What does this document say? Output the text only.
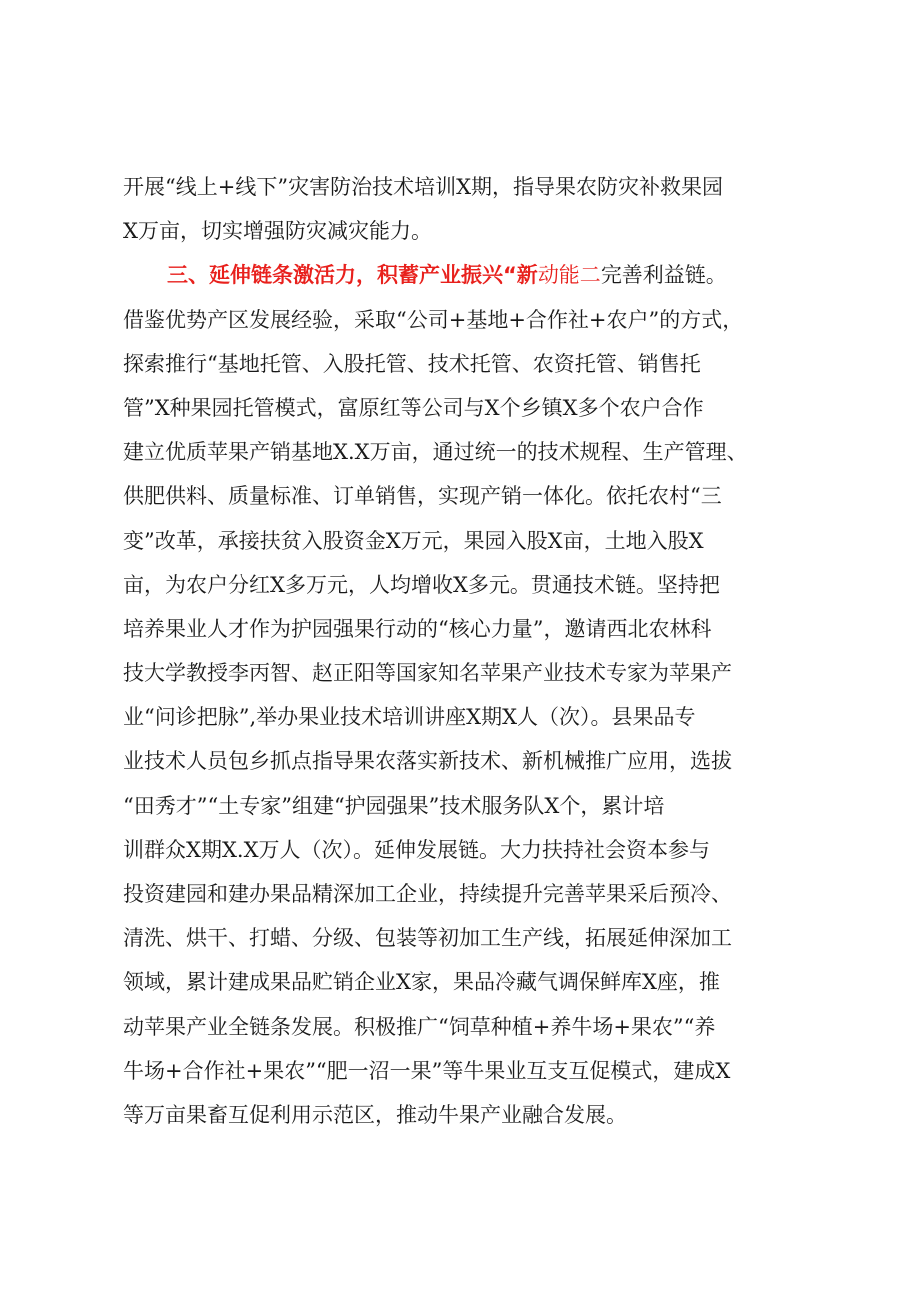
开展“线上+线下”灾害防治技术培训X期，指导果农防灾补救果园
X万亩，切实增强防灾减灾能力。
三、延伸链条激活力，积蓄产业振兴“新动能二完善利益链。
借鉴优势产区发展经验，采取“公司+基地+合作社+农户”的方式，
探索推行“基地托管、入股托管、技术托管、农资托管、销售托
管”X种果园托管模式，富原红等公司与X个乡镇X多个农户合作
建立优质苹果产销基地X.X万亩，通过统一的技术规程、生产管理、
供肥供料、质量标准、订单销售，实现产销一体化。依托农村“三
变”改革，承接扶贫入股资金X万元，果园入股X亩，土地入股X
亩，为农户分红X多万元，人均增收X多元。贯通技术链。坚持把
培养果业人才作为护园强果行动的“核心力量”，邀请西北农林科
技大学教授李丙智、赵正阳等国家知名苹果产业技术专家为苹果产
业“问诊把脉”,举办果业技术培训讲座X期X人（次）。县果品专
业技术人员包乡抓点指导果农落实新技术、新机械推广应用，选拔
“田秀才”“土专家”组建“护园强果”技术服务队X个，累计培
训群众X期X.X万人（次）。延伸发展链。大力扶持社会资本参与
投资建园和建办果品精深加工企业，持续提升完善苹果采后预冷、
清洗、烘干、打蜡、分级、包装等初加工生产线，拓展延伸深加工
领域，累计建成果品贮销企业X家，果品冷藏气调保鲜库X座，推
动苹果产业全链条发展。积极推广“饲草种植+养牛场+果农”“养
牛场+合作社+果农”“肥一沼一果”等牛果业互支互促模式，建成X
等万亩果畜互促利用示范区，推动牛果产业融合发展。
